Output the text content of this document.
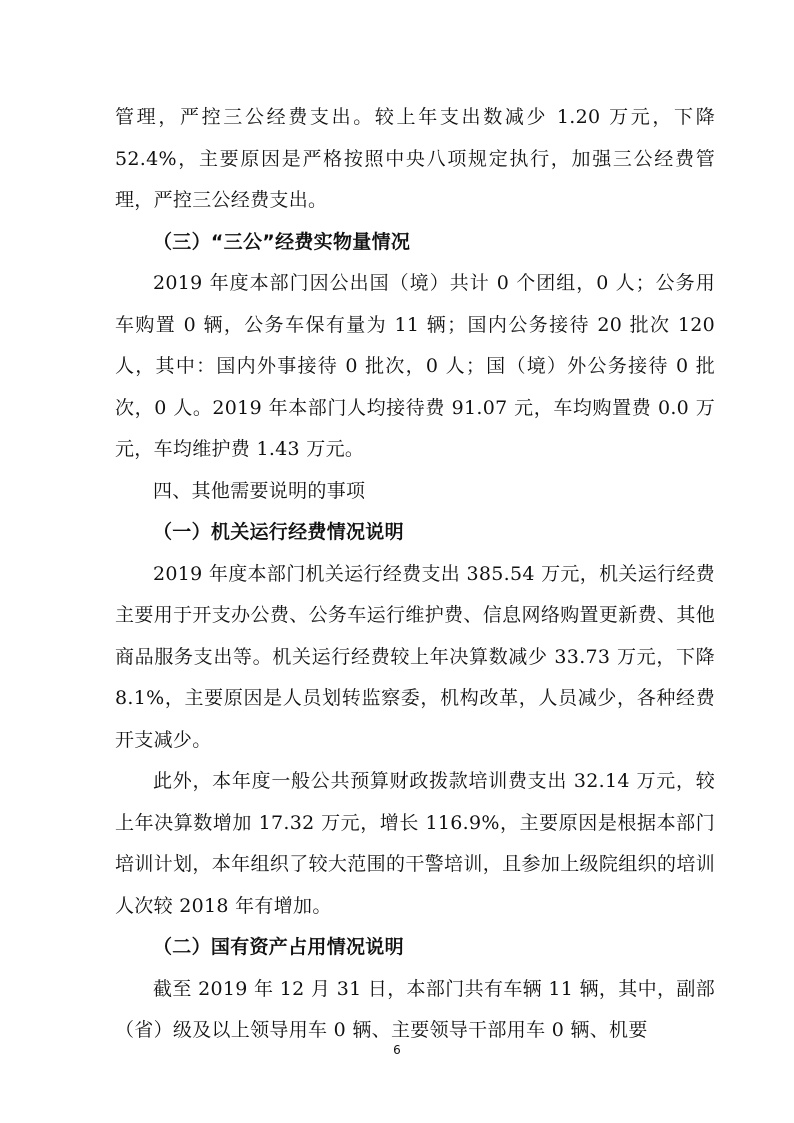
管理，严控三公经费支出。较上年支出数减少 1.20 万元，下降52.4%，主要原因是严格按照中央八项规定执行，加强三公经费管理，严控三公经费支出。

（三）“三公”经费实物量情况

2019 年度本部门因公出国（境）共计 0 个团组，0 人；公务用车购置 0 辆，公务车保有量为 11 辆；国内公务接待 20 批次 120 人，其中：国内外事接待 0 批次，0 人；国（境）外公务接待 0 批次，0 人。2019 年本部门人均接待费 91.07 元，车均购置费 0.0 万元，车均维护费 1.43 万元。

四、其他需要说明的事项

（一）机关运行经费情况说明

2019 年度本部门机关运行经费支出 385.54 万元，机关运行经费主要用于开支办公费、公务车运行维护费、信息网络购置更新费、其他商品服务支出等。机关运行经费较上年决算数减少 33.73 万元，下降 8.1%，主要原因是人员划转监察委，机构改革，人员减少，各种经费开支减少。

此外，本年度一般公共预算财政拨款培训费支出 32.14 万元，较上年决算数增加 17.32 万元，增长 116.9%，主要原因是根据本部门培训计划，本年组织了较大范围的干警培训，且参加上级院组织的培训人次较 2018 年有增加。

（二）国有资产占用情况说明

截至 2019 年 12 月 31 日，本部门共有车辆 11 辆，其中，副部（省）级及以上领导用车 0 辆、主要领导干部用车 0 辆、机要

6
